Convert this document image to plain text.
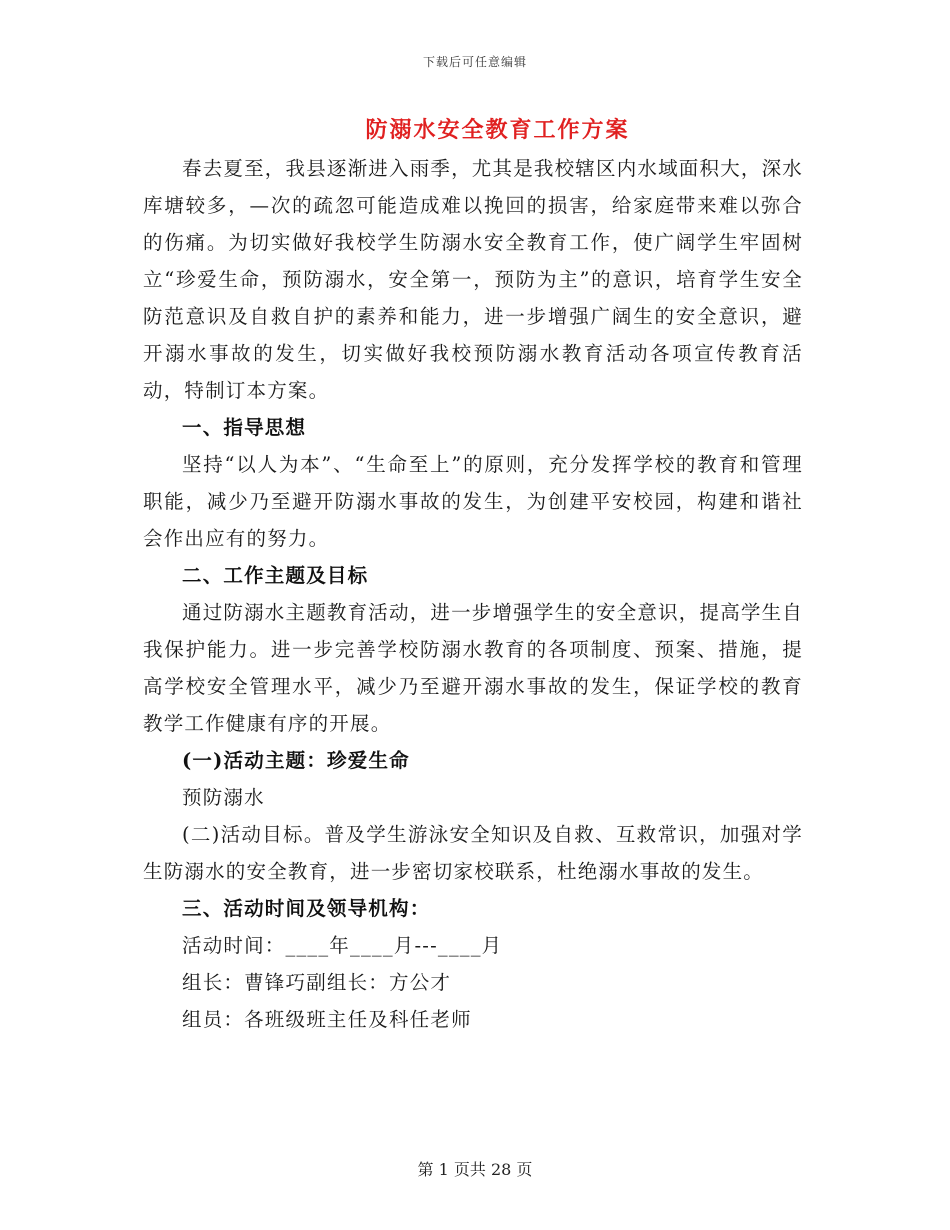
下载后可任意编辑
防溺水安全教育工作方案

春去夏至，我县逐渐进入雨季，尤其是我校辖区内水域面积大，深水库塘较多，—次的疏忽可能造成难以挽回的损害，给家庭带来难以弥合的伤痛。为切实做好我校学生防溺水安全教育工作，使广阔学生牢固树立“珍爱生命，预防溺水，安全第一，预防为主”的意识，培育学生安全防范意识及自救自护的素养和能力，进一步增强广阔生的安全意识，避开溺水事故的发生，切实做好我校预防溺水教育活动各项宣传教育活动，特制订本方案。

一、指导思想

坚持“以人为本”、“生命至上”的原则，充分发挥学校的教育和管理职能，减少乃至避开防溺水事故的发生，为创建平安校园，构建和谐社会作出应有的努力。

二、工作主题及目标

通过防溺水主题教育活动，进一步增强学生的安全意识，提高学生自我保护能力。进一步完善学校防溺水教育的各项制度、预案、措施，提高学校安全管理水平，减少乃至避开溺水事故的发生，保证学校的教育教学工作健康有序的开展。

(一)活动主题：珍爱生命

预防溺水

(二)活动目标。普及学生游泳安全知识及自救、互救常识，加强对学生防溺水的安全教育，进一步密切家校联系，杜绝溺水事故的发生。

三、活动时间及领导机构：

活动时间：____年____月---____月

组长：曹锋巧副组长：方公才

组员：各班级班主任及科任老师

第 1 页共 28 页
